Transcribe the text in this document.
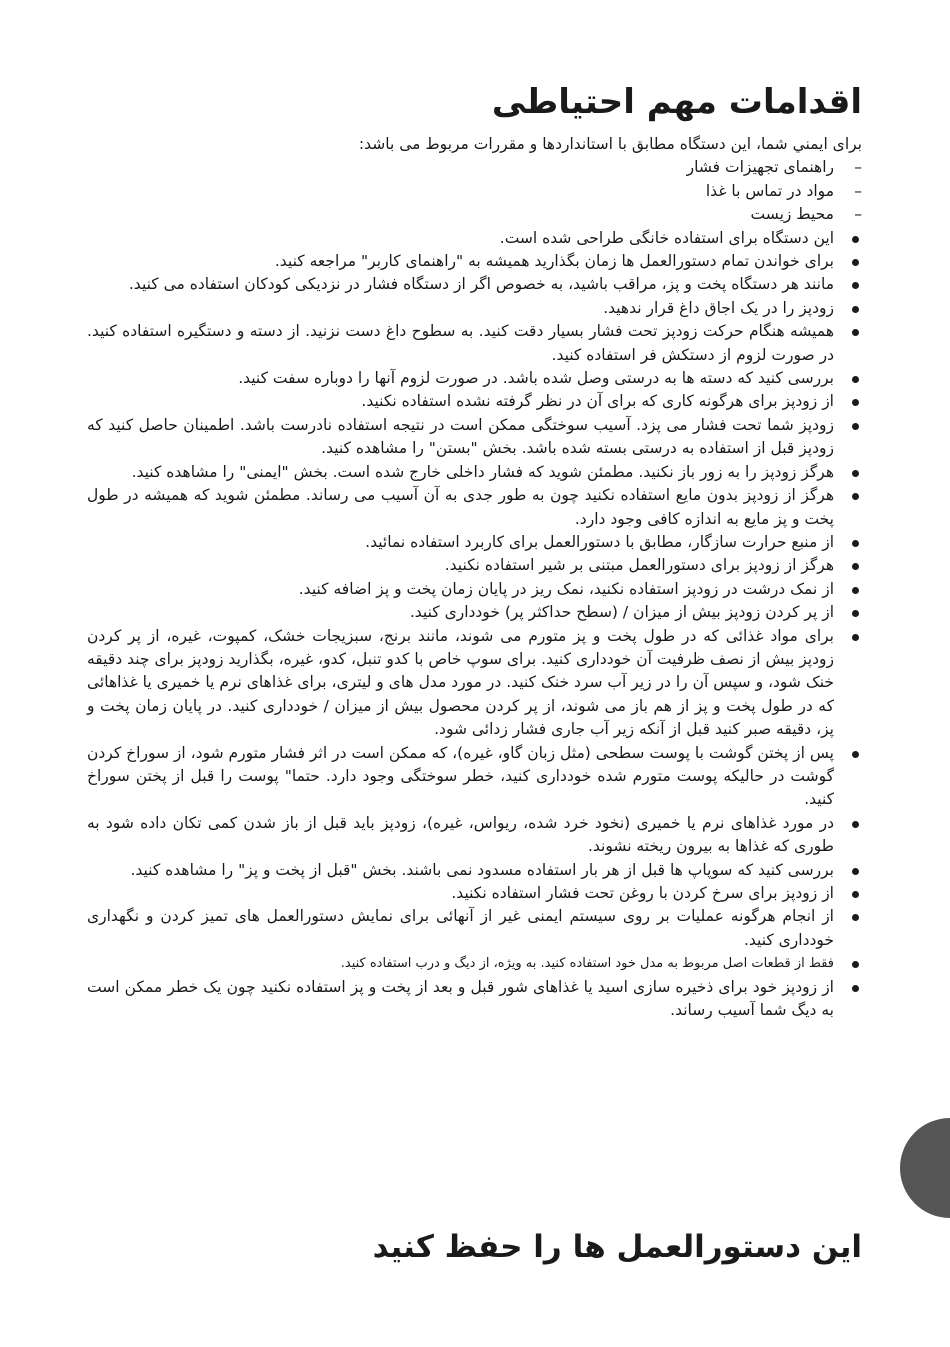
اقدامات مهم احتیاطی

برای ایمني شما، این دستگاه مطابق با استانداردها و مقررات مربوط می باشد:

– راهنمای تجهیزات فشار
– مواد در تماس با غذا
– محیط زیست
این دستگاه برای استفاده خانگی طراحی شده است.
برای خواندن تمام دستورالعمل ها زمان بگذارید همیشه به "راهنمای کاربر" مراجعه کنید.
مانند هر دستگاه پخت و پز، مراقب باشید، به خصوص اگر از دستگاه فشار در نزدیکی کودکان استفاده می کنید.
زودپز را در یک اجاق داغ قرار ندهید.
همیشه هنگام حرکت زودپز تحت فشار بسیار دقت کنید. به سطوح داغ دست نزنید. از دسته و دستگیره استفاده کنید. در صورت لزوم از دستکش فر استفاده کنید.
بررسی کنید که دسته ها به درستی وصل شده باشد. در صورت لزوم آنها را دوباره سفت کنید.
از زودپز برای هرگونه کاری که برای آن در نظر گرفته نشده استفاده نکنید.
زودپز شما تحت فشار می پزد. آسیب سوختگی ممکن است در نتیجه استفاده نادرست باشد. اطمینان حاصل کنید که زودپز قبل از استفاده به درستی بسته شده باشد. بخش "بستن" را مشاهده کنید.
هرگز زودپز را به زور باز نکنید. مطمئن شوید که فشار داخلی خارج شده است. بخش "ایمنی" را مشاهده کنید.
هرگز از زودپز بدون مایع استفاده نکنید چون به طور جدی به آن آسیب می رساند. مطمئن شوید که همیشه در طول پخت و پز مایع به اندازه کافی وجود دارد.
از منبع حرارت سازگار، مطابق با دستورالعمل برای کاربرد استفاده نمائید.
هرگز از زودپز برای دستورالعمل مبتنی بر شیر استفاده نکنید.
از نمک درشت در زودپز استفاده نکنید، نمک ریز در پایان زمان پخت و پز اضافه کنید.
از پر کردن زودپز بیش از میزان / (سطح حداکثر پر) خودداری کنید.
برای مواد غذائی که در طول پخت و پز متورم می شوند، مانند برنج، سبزیجات خشک، کمپوت، غیره، از پر کردن زودپز بیش از نصف ظرفیت آن خودداری کنید. برای سوپ خاص با کدو تنبل، کدو، غیره، بگذارید زودپز برای چند دقیقه خنک شود، و سپس آن را در زیر آب سرد خنک کنید. در مورد مدل های و لیتری، برای غذاهای نرم یا خمیری یا غذاهائی که در طول پخت و پز از هم باز می شوند، از پر کردن محصول بیش از میزان / خودداری کنید. در پایان زمان پخت و پز، دقیقه صبر کنید قبل از آنکه زیر آب جاری فشار زدائی شود.
پس از پختن گوشت با پوست سطحی (مثل زبان گاو، غیره)، که ممکن است در اثر فشار متورم شود، از سوراخ کردن گوشت در حالیکه پوست متورم شده خودداری کنید، خطر سوختگی وجود دارد. حتما" پوست را قبل از پختن سوراخ کنید.
در مورد غذاهای نرم یا خمیری (نخود خرد شده، ریواس، غیره)، زودپز باید قبل از باز شدن کمی تکان داده شود به طوری که غذاها به بیرون ریخته نشوند.
بررسی کنید که سوپاپ ها قبل از هر بار استفاده مسدود نمی باشند. بخش "قبل از پخت و پز" را مشاهده کنید.
از زودپز برای سرخ کردن با روغن تحت فشار استفاده نکنید.
از انجام هرگونه عملیات بر روی سیستم ایمنی غیر از آنهائی برای نمایش دستورالعمل های تمیز کردن و نگهداری خودداری کنید.
فقط از قطعات اصل مربوط به مدل خود استفاده کنید. به ویژه، از دیگ و درب استفاده کنید.
از زودپز خود برای ذخیره سازی اسید یا غذاهای شور قبل و بعد از پخت و پز استفاده نکنید چون یک خطر ممکن است به دیگ شما آسیب رساند.
این دستورالعمل ها را حفظ کنید
